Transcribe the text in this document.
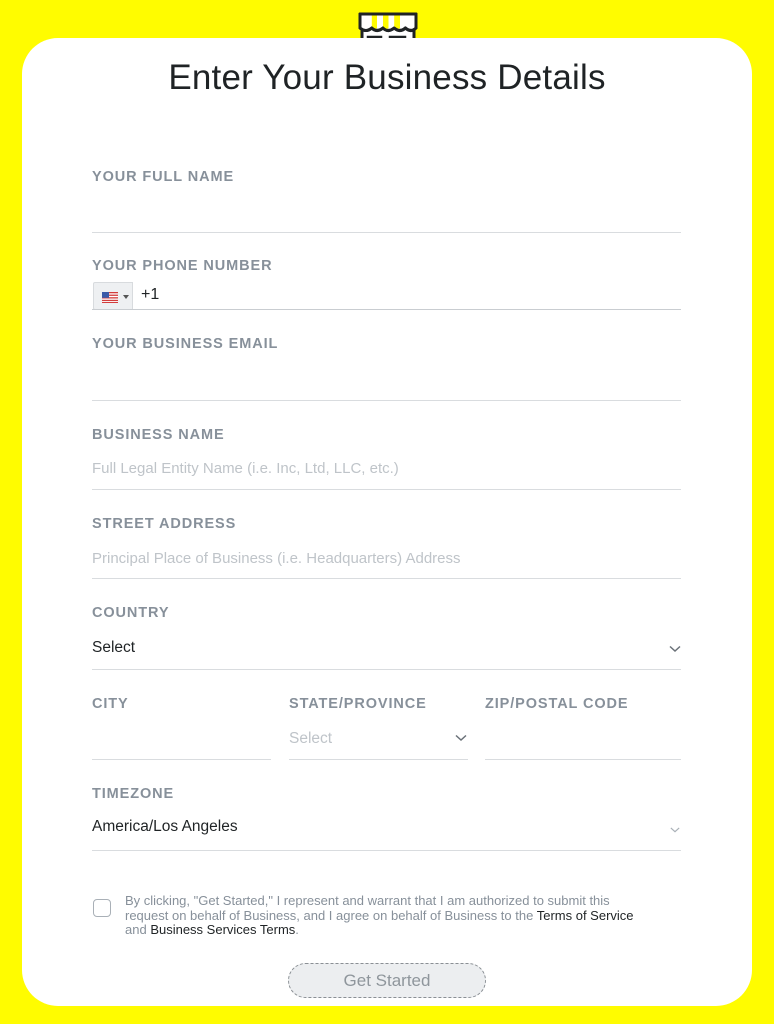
Enter Your Business Details
YOUR FULL NAME
YOUR PHONE NUMBER
+1
YOUR BUSINESS EMAIL
BUSINESS NAME
Full Legal Entity Name (i.e. Inc, Ltd, LLC, etc.)
STREET ADDRESS
Principal Place of Business (i.e. Headquarters) Address
COUNTRY
Select
CITY	STATE/PROVINCE
Select
ZIP/POSTAL CODE
TIMEZONE
America/Los Angeles
By clicking, "Get Started," I represent and warrant that I am authorized to submit this request on behalf of Business, and I agree on behalf of Business to the Terms of Service and Business Services Terms.
Get Started
